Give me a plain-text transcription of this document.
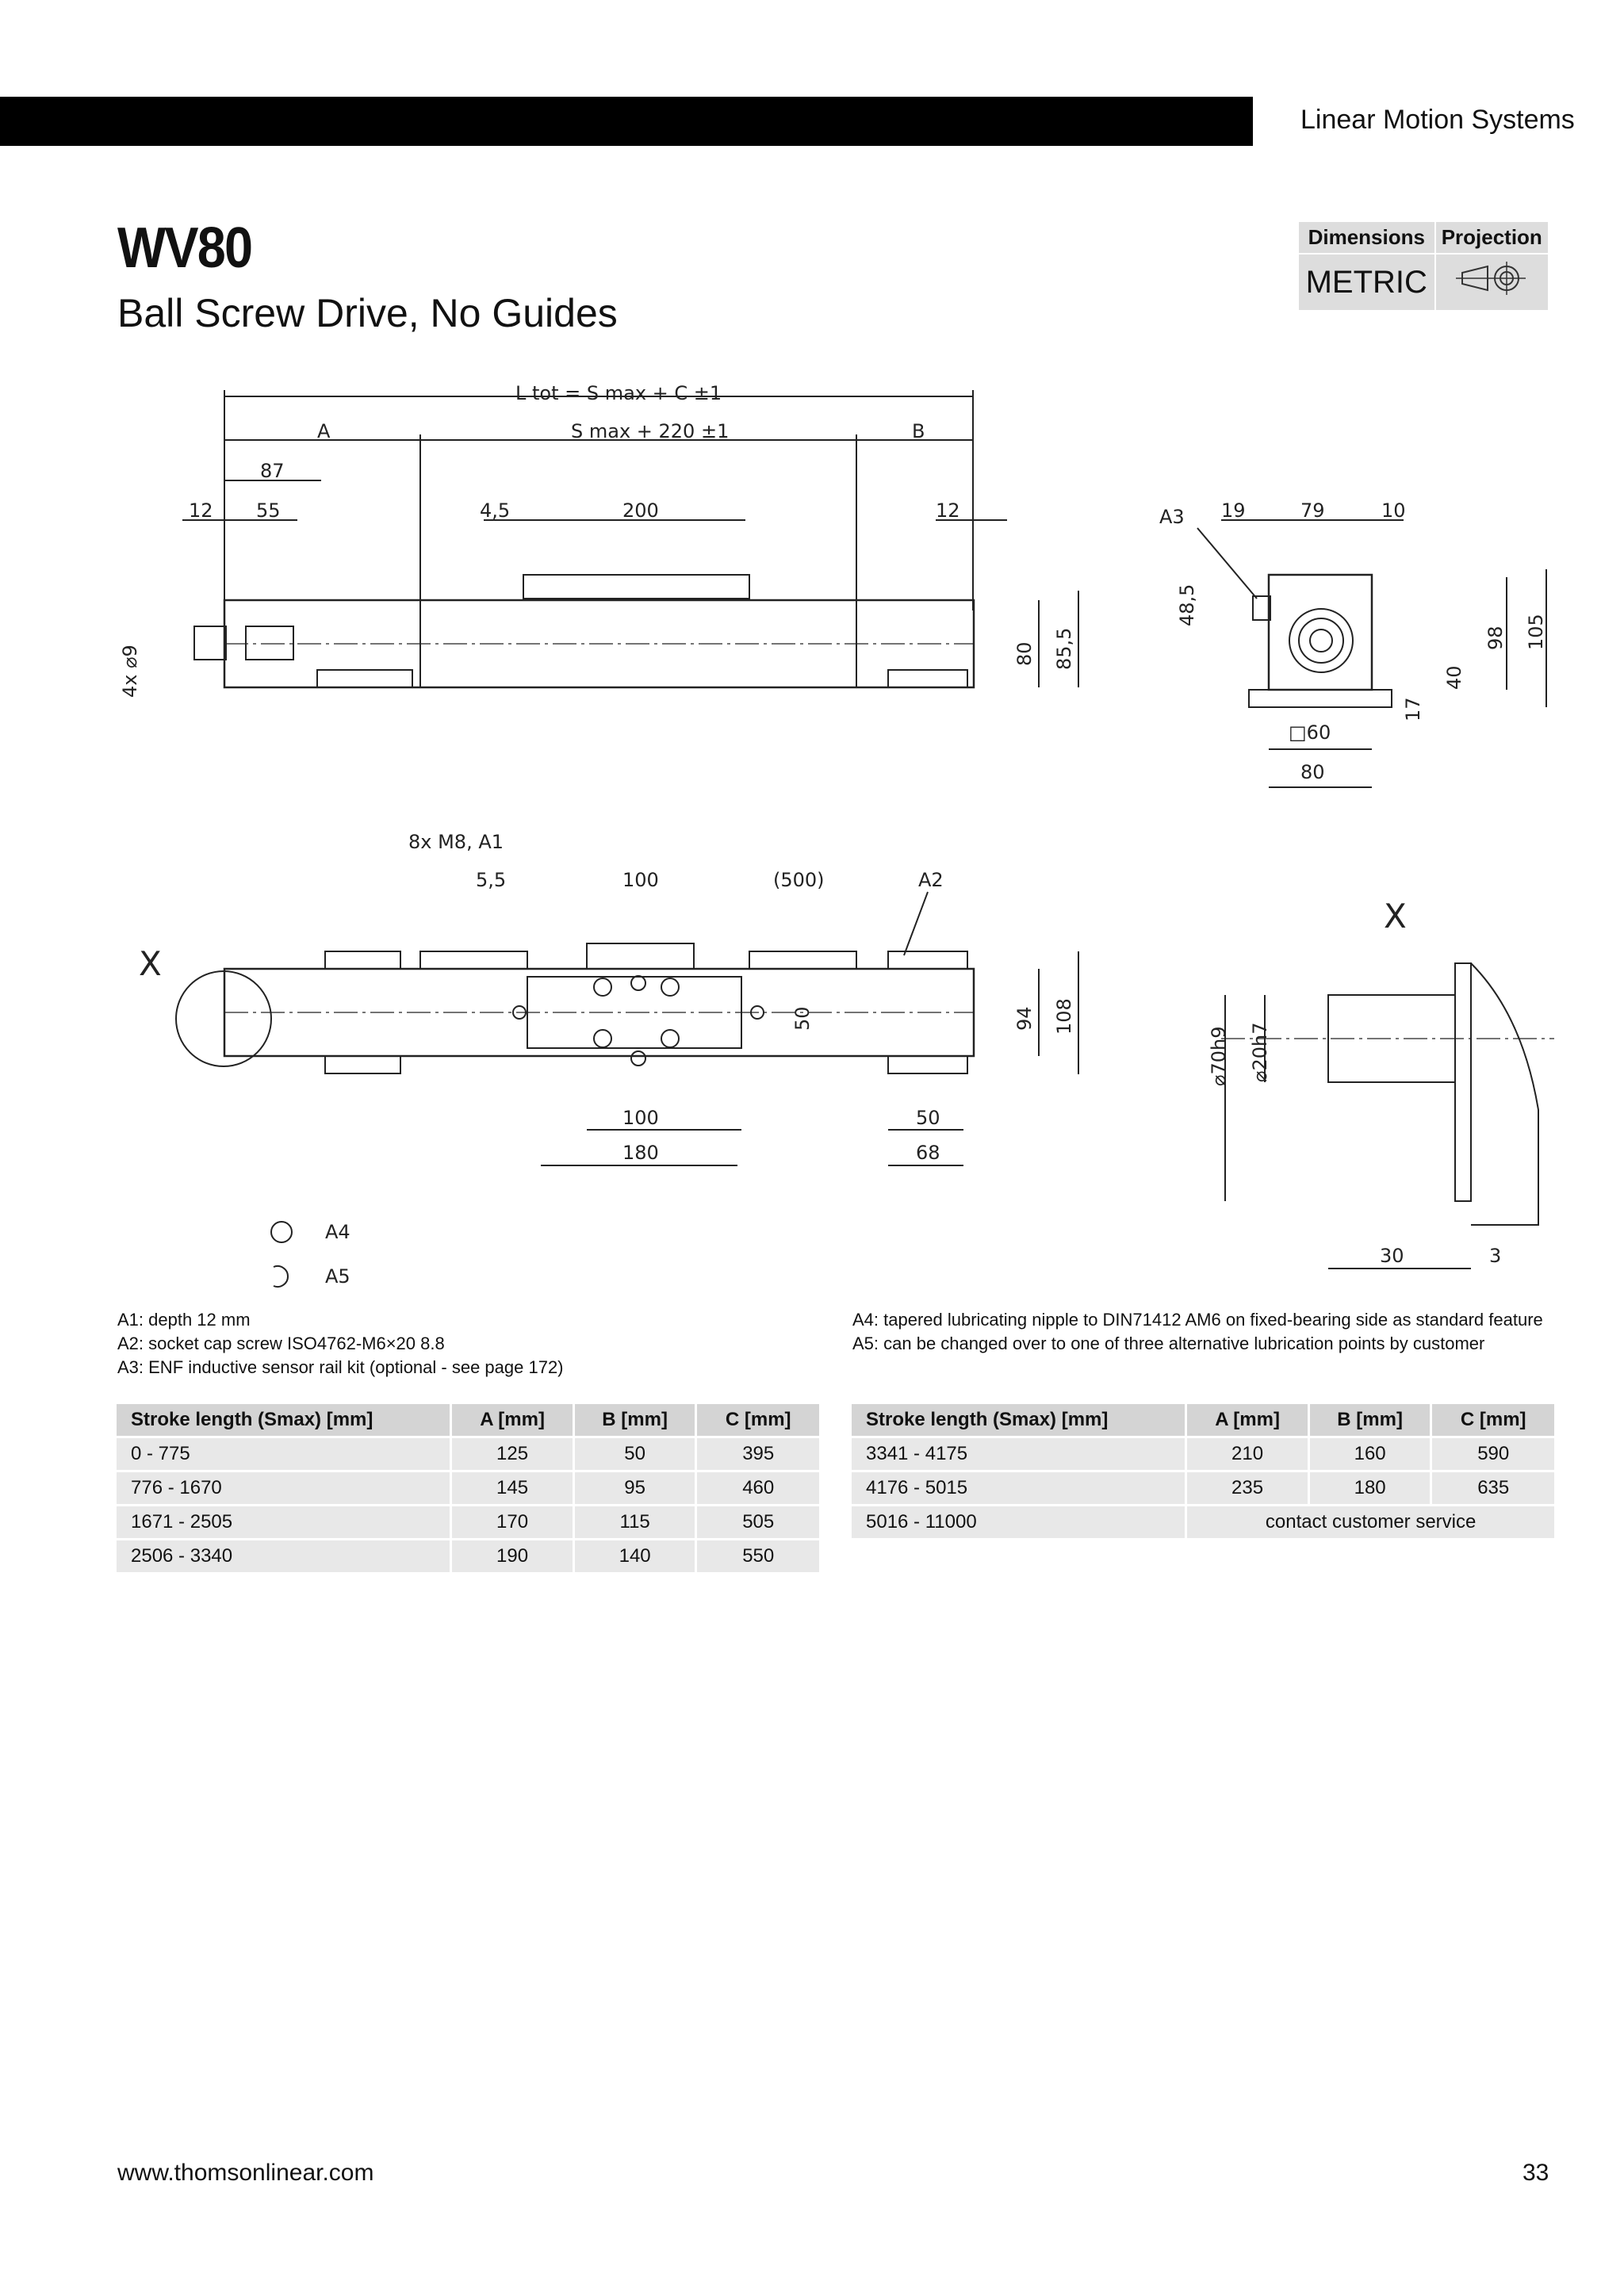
Linear Motion Systems
WV80
Ball Screw Drive, No Guides
Dimensions	Projection
METRIC	
L tot = S max + C ±1
A	S max + 220 ±1	B
87
12 55	4,5	200	12
4x ⌀9	80 85,5
A3 19	79	10
48,5
40
98 105
17
□60
80
8x M8, A1
5,5	100	(500)	A2
X
X
50	94 108
100
180
50
68
⌀70h9 ⌀20h7
30	3
A4
A5
A1: depth 12 mm
A2: socket cap screw ISO4762-M6×20 8.8
A3: ENF inductive sensor rail kit (optional - see page 172)
A4: tapered lubricating nipple to DIN71412 AM6 on fixed-bearing side as standard feature
A5: can be changed over to one of three alternative lubrication points by customer
Stroke length (Smax) [mm]	A [mm]	B [mm]	C [mm]
0 - 775	125	50	395
776 - 1670	145	95	460
1671 - 2505	170	115	505
2506 - 3340	190	140	550
Stroke length (Smax) [mm]	A [mm]	B [mm]	C [mm]
3341 - 4175	210	160	590
4176 - 5015	235	180	635
5016 - 11000	contact customer service		
www.thomsonlinear.com	33
